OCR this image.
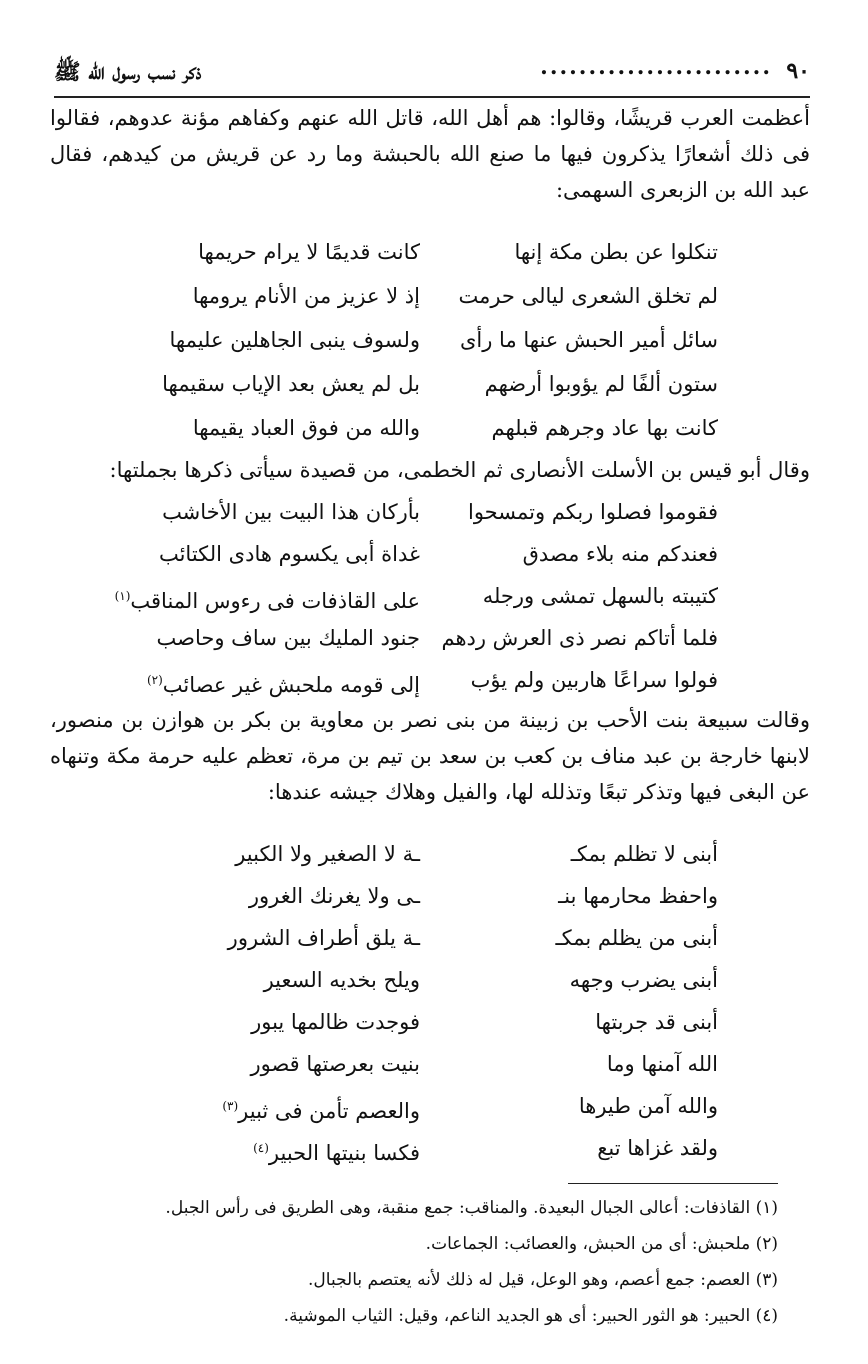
٩٠
........................
ذكر نسب رسول الله ﷺ
أعظمت العرب قريشًا، وقالوا: هم أهل الله، قاتل الله عنهم وكفاهم مؤنة عدوهم، فقالوا فى ذلك أشعارًا يذكرون فيها ما صنع الله بالحبشة وما رد عن قريش من كيدهم، فقال عبد الله بن الزبعرى السهمى:
تنكلوا عن بطن مكة إنها
كانت قديمًا لا يرام حريمها
لم تخلق الشعرى ليالى حرمت
إذ لا عزيز من الأنام يرومها
سائل أمير الحبش عنها ما رأى
ولسوف ينبى الجاهلين عليمها
ستون ألفًا لم يؤوبوا أرضهم
بل لم يعش بعد الإياب سقيمها
كانت بها عاد وجرهم قبلهم
والله من فوق العباد يقيمها
وقال أبو قيس بن الأسلت الأنصارى ثم الخطمى، من قصيدة سيأتى ذكرها بجملتها:
فقوموا فصلوا ربكم وتمسحوا
بأركان هذا البيت بين الأخاشب
فعندكم منه بلاء مصدق
غداة أبى يكسوم هادى الكتائب
كتيبته بالسهل تمشى ورجله
على القاذفات فى رءوس المناقب$^{(١)}$
فلما أتاكم نصر ذى العرش ردهم
جنود المليك بين ساف وحاصب
فولوا سراعًا هاربين ولم يؤب
إلى قومه ملحبش غير عصائب$^{(٢)}$
وقالت سبيعة بنت الأحب بن زبينة من بنى نصر بن معاوية بن بكر بن هوازن بن منصور، لابنها خارجة بن عبد مناف بن كعب بن سعد بن تيم بن مرة، تعظم عليه حرمة مكة وتنهاه عن البغى فيها وتذكر تبعًا وتذلله لها، والفيل وهلاك جيشه عندها:
أبنى لا تظلم بمكـ
ـة لا الصغير ولا الكبير
واحفظ محارمها بنـ
ـى ولا يغرنك الغرور
أبنى من يظلم بمكـ
ـة يلق أطراف الشرور
أبنى يضرب وجهه
ويلح بخديه السعير
أبنى قد جربتها
فوجدت ظالمها يبور
الله آمنها وما
بنيت بعرصتها قصور
والله آمن طيرها
والعصم تأمن فى ثبير$^{(٣)}$
ولقد غزاها تبع
فكسا بنيتها الحبير$^{(٤)}$
(١) القاذفات: أعالى الجبال البعيدة. والمناقب: جمع منقبة، وهى الطريق فى رأس الجبل.
(٢) ملحبش: أى من الحبش، والعصائب: الجماعات.
(٣) العصم: جمع أعصم، وهو الوعل، قيل له ذلك لأنه يعتصم بالجبال.
(٤) الحبير: هو الثور الحبير: أى هو الجديد الناعم، وقيل: الثياب الموشية.
